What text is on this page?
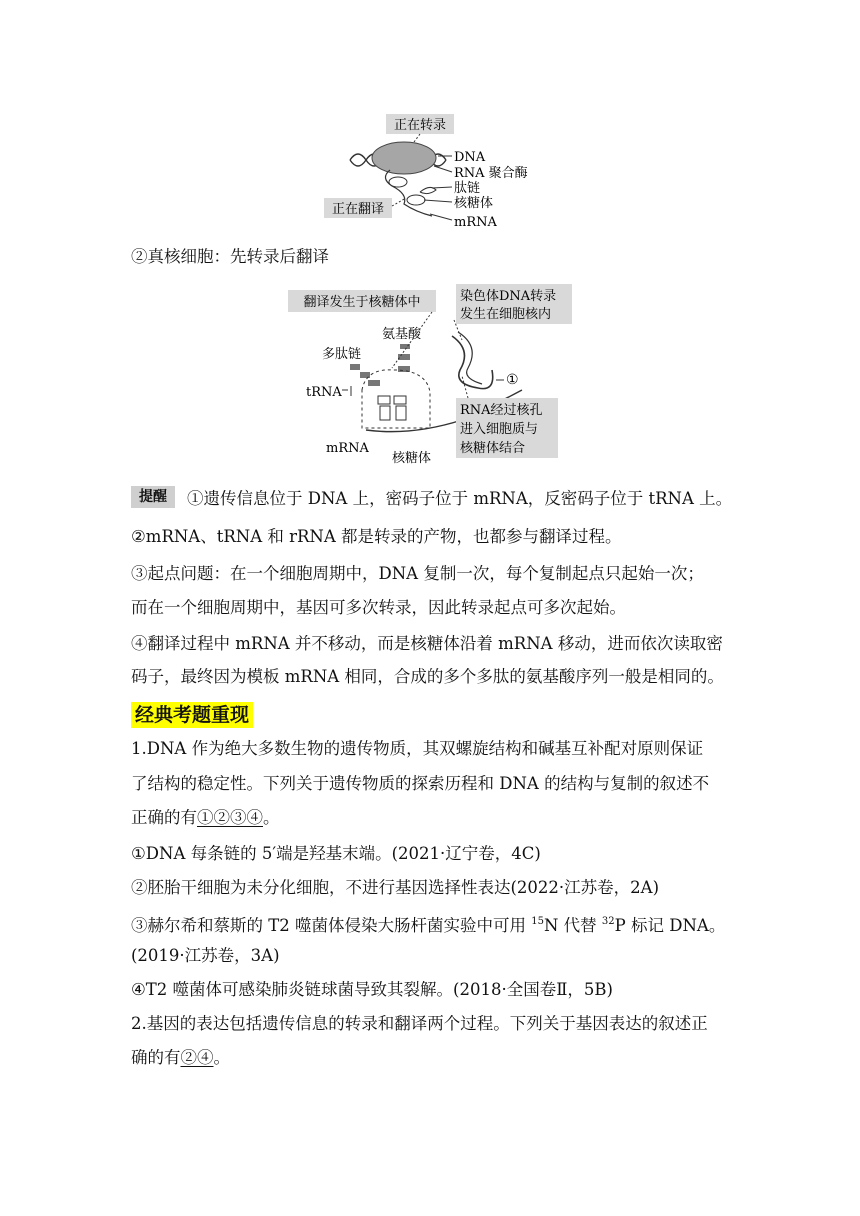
正在转录
DNA
RNA 聚合酶
肽链
核糖体
mRNA
正在翻译
②真核细胞：先转录后翻译
翻译发生于核糖体中	染色体DNA转录
发生在细胞核内
氨基酸
多肽链
tRNA
mRNA
核糖体
①
RNA经过核孔
进入细胞质与
核糖体结合
提醒	①遗传信息位于 DNA 上，密码子位于 mRNA，反密码子位于 tRNA 上。
②mRNA、tRNA 和 rRNA 都是转录的产物，也都参与翻译过程。
③起点问题：在一个细胞周期中，DNA 复制一次，每个复制起点只起始一次；
而在一个细胞周期中，基因可多次转录，因此转录起点可多次起始。
④翻译过程中 mRNA 并不移动，而是核糖体沿着 mRNA 移动，进而依次读取密
码子，最终因为模板 mRNA 相同，合成的多个多肽的氨基酸序列一般是相同的。
经典考题重现
1.DNA 作为绝大多数生物的遗传物质，其双螺旋结构和碱基互补配对原则保证
了结构的稳定性。下列关于遗传物质的探索历程和 DNA 的结构与复制的叙述不
正确的有①②③④。
①DNA 每条链的 5′端是羟基末端。(2021·辽宁卷，4C)
②胚胎干细胞为未分化细胞，不进行基因选择性表达(2022·江苏卷，2A)
③赫尔希和蔡斯的 T2 噬菌体侵染大肠杆菌实验中可用 $^{15}$N 代替 $^{32}$P 标记 DNA。
(2019·江苏卷，3A)
④T2 噬菌体可感染肺炎链球菌导致其裂解。(2018·全国卷Ⅱ，5B)
2.基因的表达包括遗传信息的转录和翻译两个过程。下列关于基因表达的叙述正
确的有②④。
